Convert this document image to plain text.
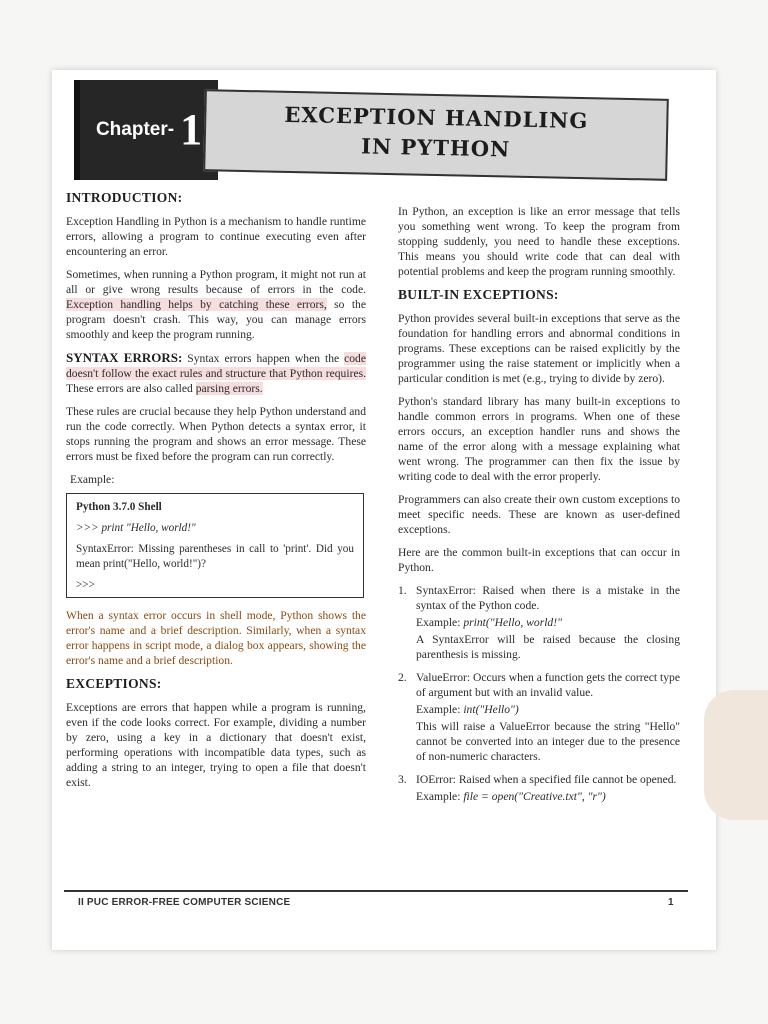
Chapter- 1	EXCEPTION HANDLING
IN PYTHON
INTRODUCTION:

Exception Handling in Python is a mechanism to handle runtime errors, allowing a program to continue executing even after encountering an error.

Sometimes, when running a Python program, it might not run at all or give wrong results because of errors in the code. Exception handling helps by catching these errors, so the program doesn't crash. This way, you can manage errors smoothly and keep the program running.

SYNTAX ERRORS: Syntax errors happen when the code doesn't follow the exact rules and structure that Python requires. These errors are also called parsing errors.

These rules are crucial because they help Python understand and run the code correctly. When Python detects a syntax error, it stops running the program and shows an error message. These errors must be fixed before the program can run correctly.

Example:
Python 3.7.0 Shell
>>> print "Hello, world!"
SyntaxError: Missing parentheses in call to 'print'. Did you mean print("Hello, world!")?
>>>

When a syntax error occurs in shell mode, Python shows the error's name and a brief description. Similarly, when a syntax error happens in script mode, a dialog box appears, showing the error's name and a brief description.

EXCEPTIONS:

Exceptions are errors that happen while a program is running, even if the code looks correct. For example, dividing a number by zero, using a key in a dictionary that doesn't exist, performing operations with incompatible data types, such as adding a string to an integer, trying to open a file that doesn't exist.

In Python, an exception is like an error message that tells you something went wrong. To keep the program from stopping suddenly, you need to handle these exceptions. This means you should write code that can deal with potential problems and keep the program running smoothly.

BUILT-IN EXCEPTIONS:

Python provides several built-in exceptions that serve as the foundation for handling errors and abnormal conditions in programs. These exceptions can be raised explicitly by the programmer using the raise statement or implicitly when a particular condition is met (e.g., trying to divide by zero).

Python's standard library has many built-in exceptions to handle common errors in programs. When one of these errors occurs, an exception handler runs and shows the name of the error along with a message explaining what went wrong. The programmer can then fix the issue by writing code to deal with the error properly.

Programmers can also create their own custom exceptions to meet specific needs. These are known as user-defined exceptions.

Here are the common built-in exceptions that can occur in Python.

1. SyntaxError: Raised when there is a mistake in the syntax of the Python code.
Example: print("Hello, world!"
A SyntaxError will be raised because the closing parenthesis is missing.
2. ValueError: Occurs when a function gets the correct type of argument but with an invalid value.
Example: int("Hello")
This will raise a ValueError because the string "Hello" cannot be converted into an integer due to the presence of non-numeric characters.
3. IOError: Raised when a specified file cannot be opened.
Example: file = open("Creative.txt", "r")
II PUC ERROR-FREE COMPUTER SCIENCE	1
